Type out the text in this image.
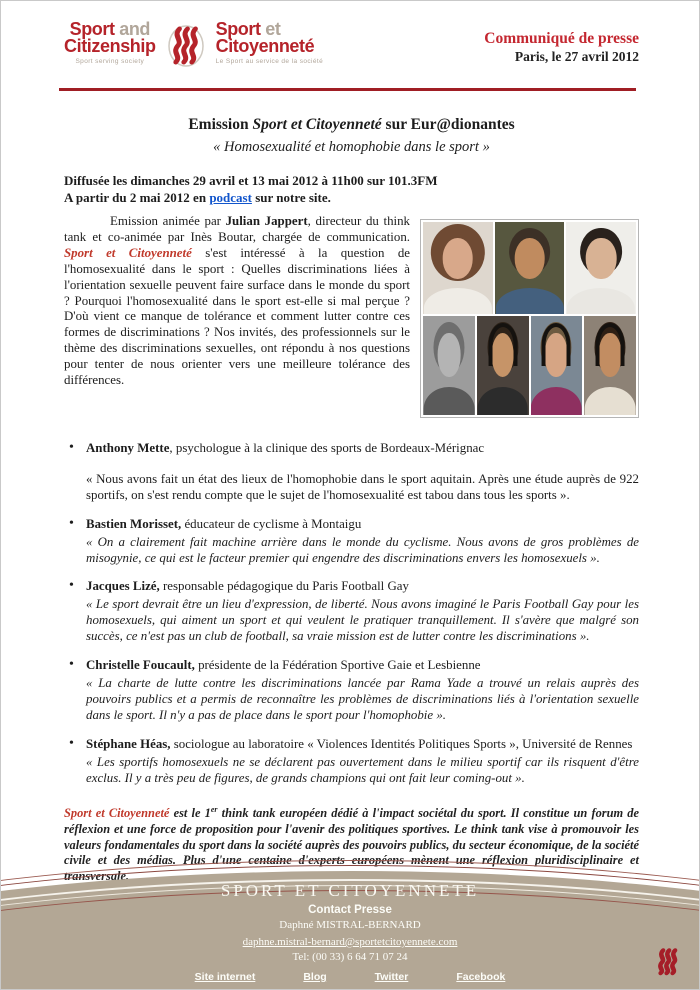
Sport and
Citizenship
Sport serving society
Sport et
Citoyenneté
Le Sport au service de la société
Communiqué de presse
Paris, le 27 avril 2012
Emission Sport et Citoyenneté sur Eur@dionantes
« Homosexualité et homophobie dans le sport »
Diffusée les dimanches 29 avril et 13 mai 2012 à 11h00 sur 101.3FM
A partir du 2 mai 2012 en podcast sur notre site.

Emission animée par Julian Jappert, directeur du think tank et co-animée par Inès Boutar, chargée de communication. Sport et Citoyenneté s'est intéressé à la question de l'homosexualité dans le sport : Quelles discriminations liées à l'orientation sexuelle peuvent faire surface dans le monde du sport ? Pourquoi l'homosexualité dans le sport est-elle si mal perçue ? D'où vient ce manque de tolérance et comment lutter contre ces formes de discriminations ? Nos invités, des professionnels sur le thème des discriminations sexuelles, ont répondu à nos questions pour tenter de nous orienter vers une meilleure tolérance des différences.

• Anthony Mette, psychologue à la clinique des sports de Bordeaux-Mérignac

« Nous avons fait un état des lieux de l'homophobie dans le sport aquitain. Après une étude auprès de 922 sportifs, on s'est rendu compte que le sujet de l'homosexualité est tabou dans tous les sports ».

• Bastien Morisset, éducateur de cyclisme à Montaigu

« On a clairement fait machine arrière dans le monde du cyclisme. Nous avons de gros problèmes de misogynie, ce qui est le facteur premier qui engendre des discriminations envers les homosexuels ».

• Jacques Lizé, responsable pédagogique du Paris Football Gay

« Le sport devrait être un lieu d'expression, de liberté. Nous avons imaginé le Paris Football Gay pour les homosexuels, qui aiment un sport et qui veulent le pratiquer tranquillement. Il s'avère que malgré son succès, ce n'est pas un club de football, sa vraie mission est de lutter contre les discriminations ».

• Christelle Foucault, présidente de la Fédération Sportive Gaie et Lesbienne

« La charte de lutte contre les discriminations lancée par Rama Yade a trouvé un relais auprès des pouvoirs publics et a permis de reconnaître les problèmes de discriminations liés à l'orientation sexuelle dans le sport. Il n'y a pas de place dans le sport pour l'homophobie ».

• Stéphane Héas, sociologue au laboratoire « Violences Identités Politiques Sports », Université de Rennes

« Les sportifs homosexuels ne se déclarent pas ouvertement dans le milieu sportif car ils risquent d'être exclus. Il y a très peu de figures, de grands champions qui ont fait leur coming-out ».

Sport et Citoyenneté est le 1er think tank européen dédié à l'impact sociétal du sport. Il constitue un forum de réflexion et une force de proposition pour l'avenir des politiques sportives. Le think tank vise à promouvoir les valeurs fondamentales du sport dans la société auprès des pouvoirs publics, du secteur économique, de la société civile et des médias. Plus d'une centaine d'experts européens mènent une réflexion pluridisciplinaire et transversale.

SPORT ET CITOYENNETE
Contact Presse
Daphné MISTRAL-BERNARD
daphne.mistral-bernard@sportetcitoyennete.com
Tel: (00 33) 6 64 71 07 24
Site internet	Blog	Twitter	Facebook
